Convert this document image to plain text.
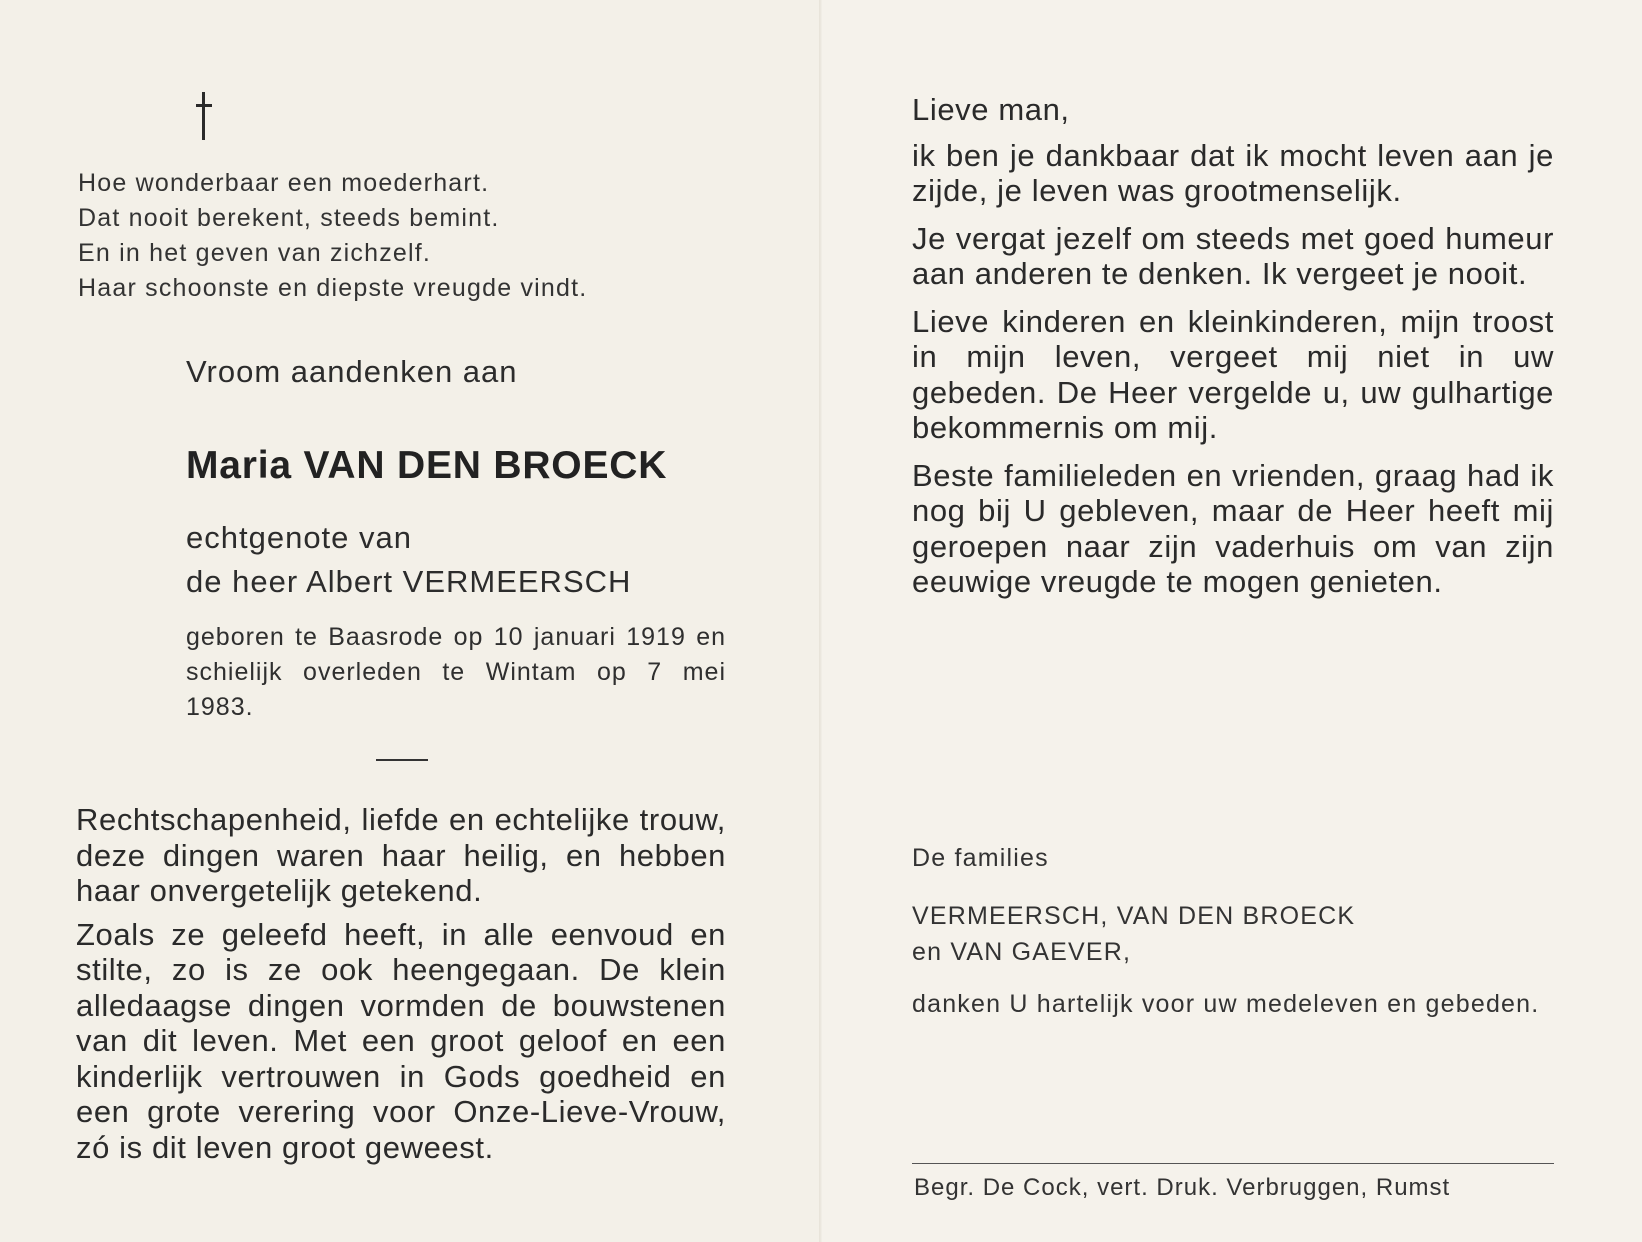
Hoe wonderbaar een moederhart.
Dat nooit berekent, steeds bemint.
En in het geven van zichzelf.
Haar schoonste en diepste vreugde vindt.
Vroom aandenken aan
Maria VAN DEN BROECK
echtgenote van
de heer Albert VERMEERSCH
geboren te Baasrode op 10 januari 1919 en schielijk overleden te Wintam op 7 mei 1983.

Rechtschapenheid, liefde en echtelijke trouw, deze dingen waren haar heilig, en hebben haar onvergetelijk getekend.

Zoals ze geleefd heeft, in alle eenvoud en stilte, zo is ze ook heengegaan. De klein alledaagse dingen vormden de bouwstenen van dit leven. Met een groot geloof en een kinderlijk vertrouwen in Gods goedheid en een grote verering voor Onze-Lieve-Vrouw, zó is dit leven groot geweest.

Lieve man,

ik ben je dankbaar dat ik mocht leven aan je zijde, je leven was grootmenselijk.

Je vergat jezelf om steeds met goed humeur aan anderen te denken. Ik vergeet je nooit.

Lieve kinderen en kleinkinderen, mijn troost in mijn leven, vergeet mij niet in uw gebeden. De Heer vergelde u, uw gulhartige bekommernis om mij.

Beste familieleden en vrienden, graag had ik nog bij U gebleven, maar de Heer heeft mij geroepen naar zijn vaderhuis om van zijn eeuwige vreugde te mogen genieten.

De families
VERMEERSCH, VAN DEN BROECK
en VAN GAEVER,
danken U hartelijk voor uw medeleven en gebeden.
Begr. De Cock, vert. Druk. Verbruggen, Rumst
